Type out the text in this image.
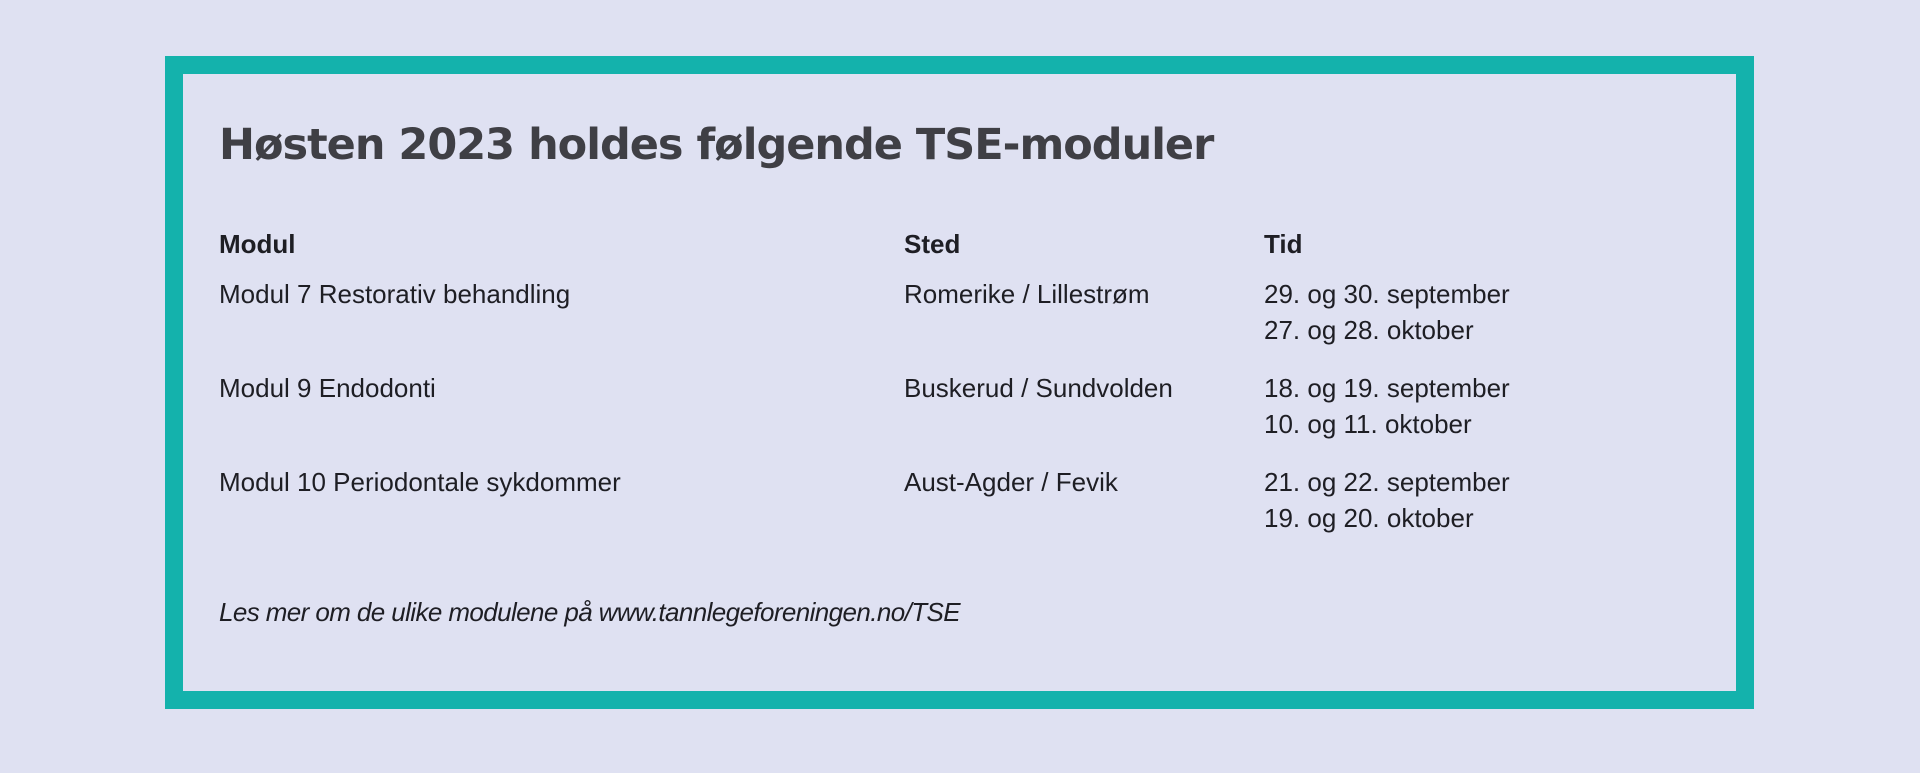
Høsten 2023 holdes følgende TSE-moduler
Modul	Sted	Tid
Modul 7 Restorativ behandling	Romerike / Lillestrøm	29. og 30. september
27. og 28. oktober
Modul 9 Endodonti	Buskerud / Sundvolden	18. og 19. september
10. og 11. oktober
Modul 10 Periodontale sykdommer	Aust-Agder / Fevik	21. og 22. september
19. og 20. oktober

Les mer om de ulike modulene på www.tannlegeforeningen.no/TSE
